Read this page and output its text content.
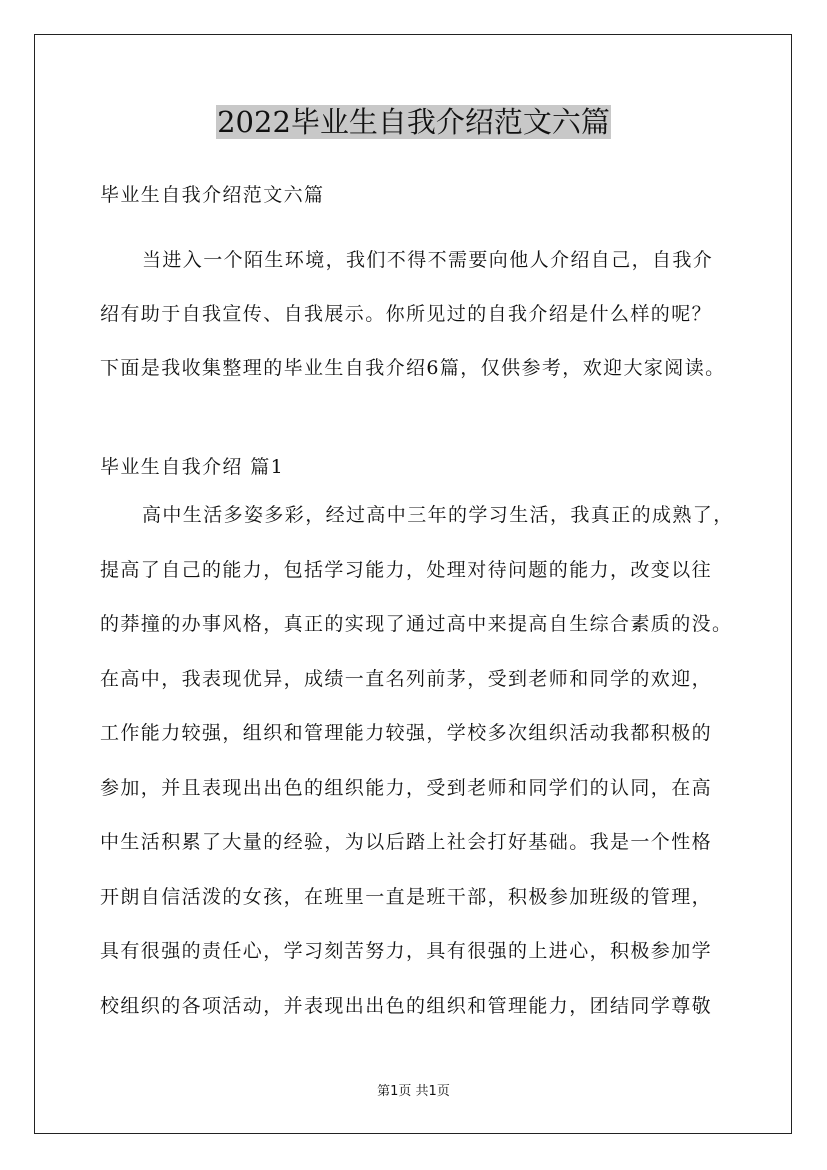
2022毕业生自我介绍范文六篇
毕业生自我介绍范文六篇
当进入一个陌生环境，我们不得不需要向他人介绍自己，自我介
绍有助于自我宣传、自我展示。你所见过的自我介绍是什么样的呢？
下面是我收集整理的毕业生自我介绍6篇，仅供参考，欢迎大家阅读。
毕业生自我介绍 篇1
高中生活多姿多彩，经过高中三年的学习生活，我真正的成熟了，
提高了自己的能力，包括学习能力，处理对待问题的能力，改变以往
的莽撞的办事风格，真正的实现了通过高中来提高自生综合素质的没。
在高中，我表现优异，成绩一直名列前茅，受到老师和同学的欢迎，
工作能力较强，组织和管理能力较强，学校多次组织活动我都积极的
参加，并且表现出出色的组织能力，受到老师和同学们的认同，在高
中生活积累了大量的经验，为以后踏上社会打好基础。我是一个性格
开朗自信活泼的女孩，在班里一直是班干部，积极参加班级的管理，
具有很强的责任心，学习刻苦努力，具有很强的上进心，积极参加学
校组织的各项活动，并表现出出色的组织和管理能力，团结同学尊敬
第1页 共1页
